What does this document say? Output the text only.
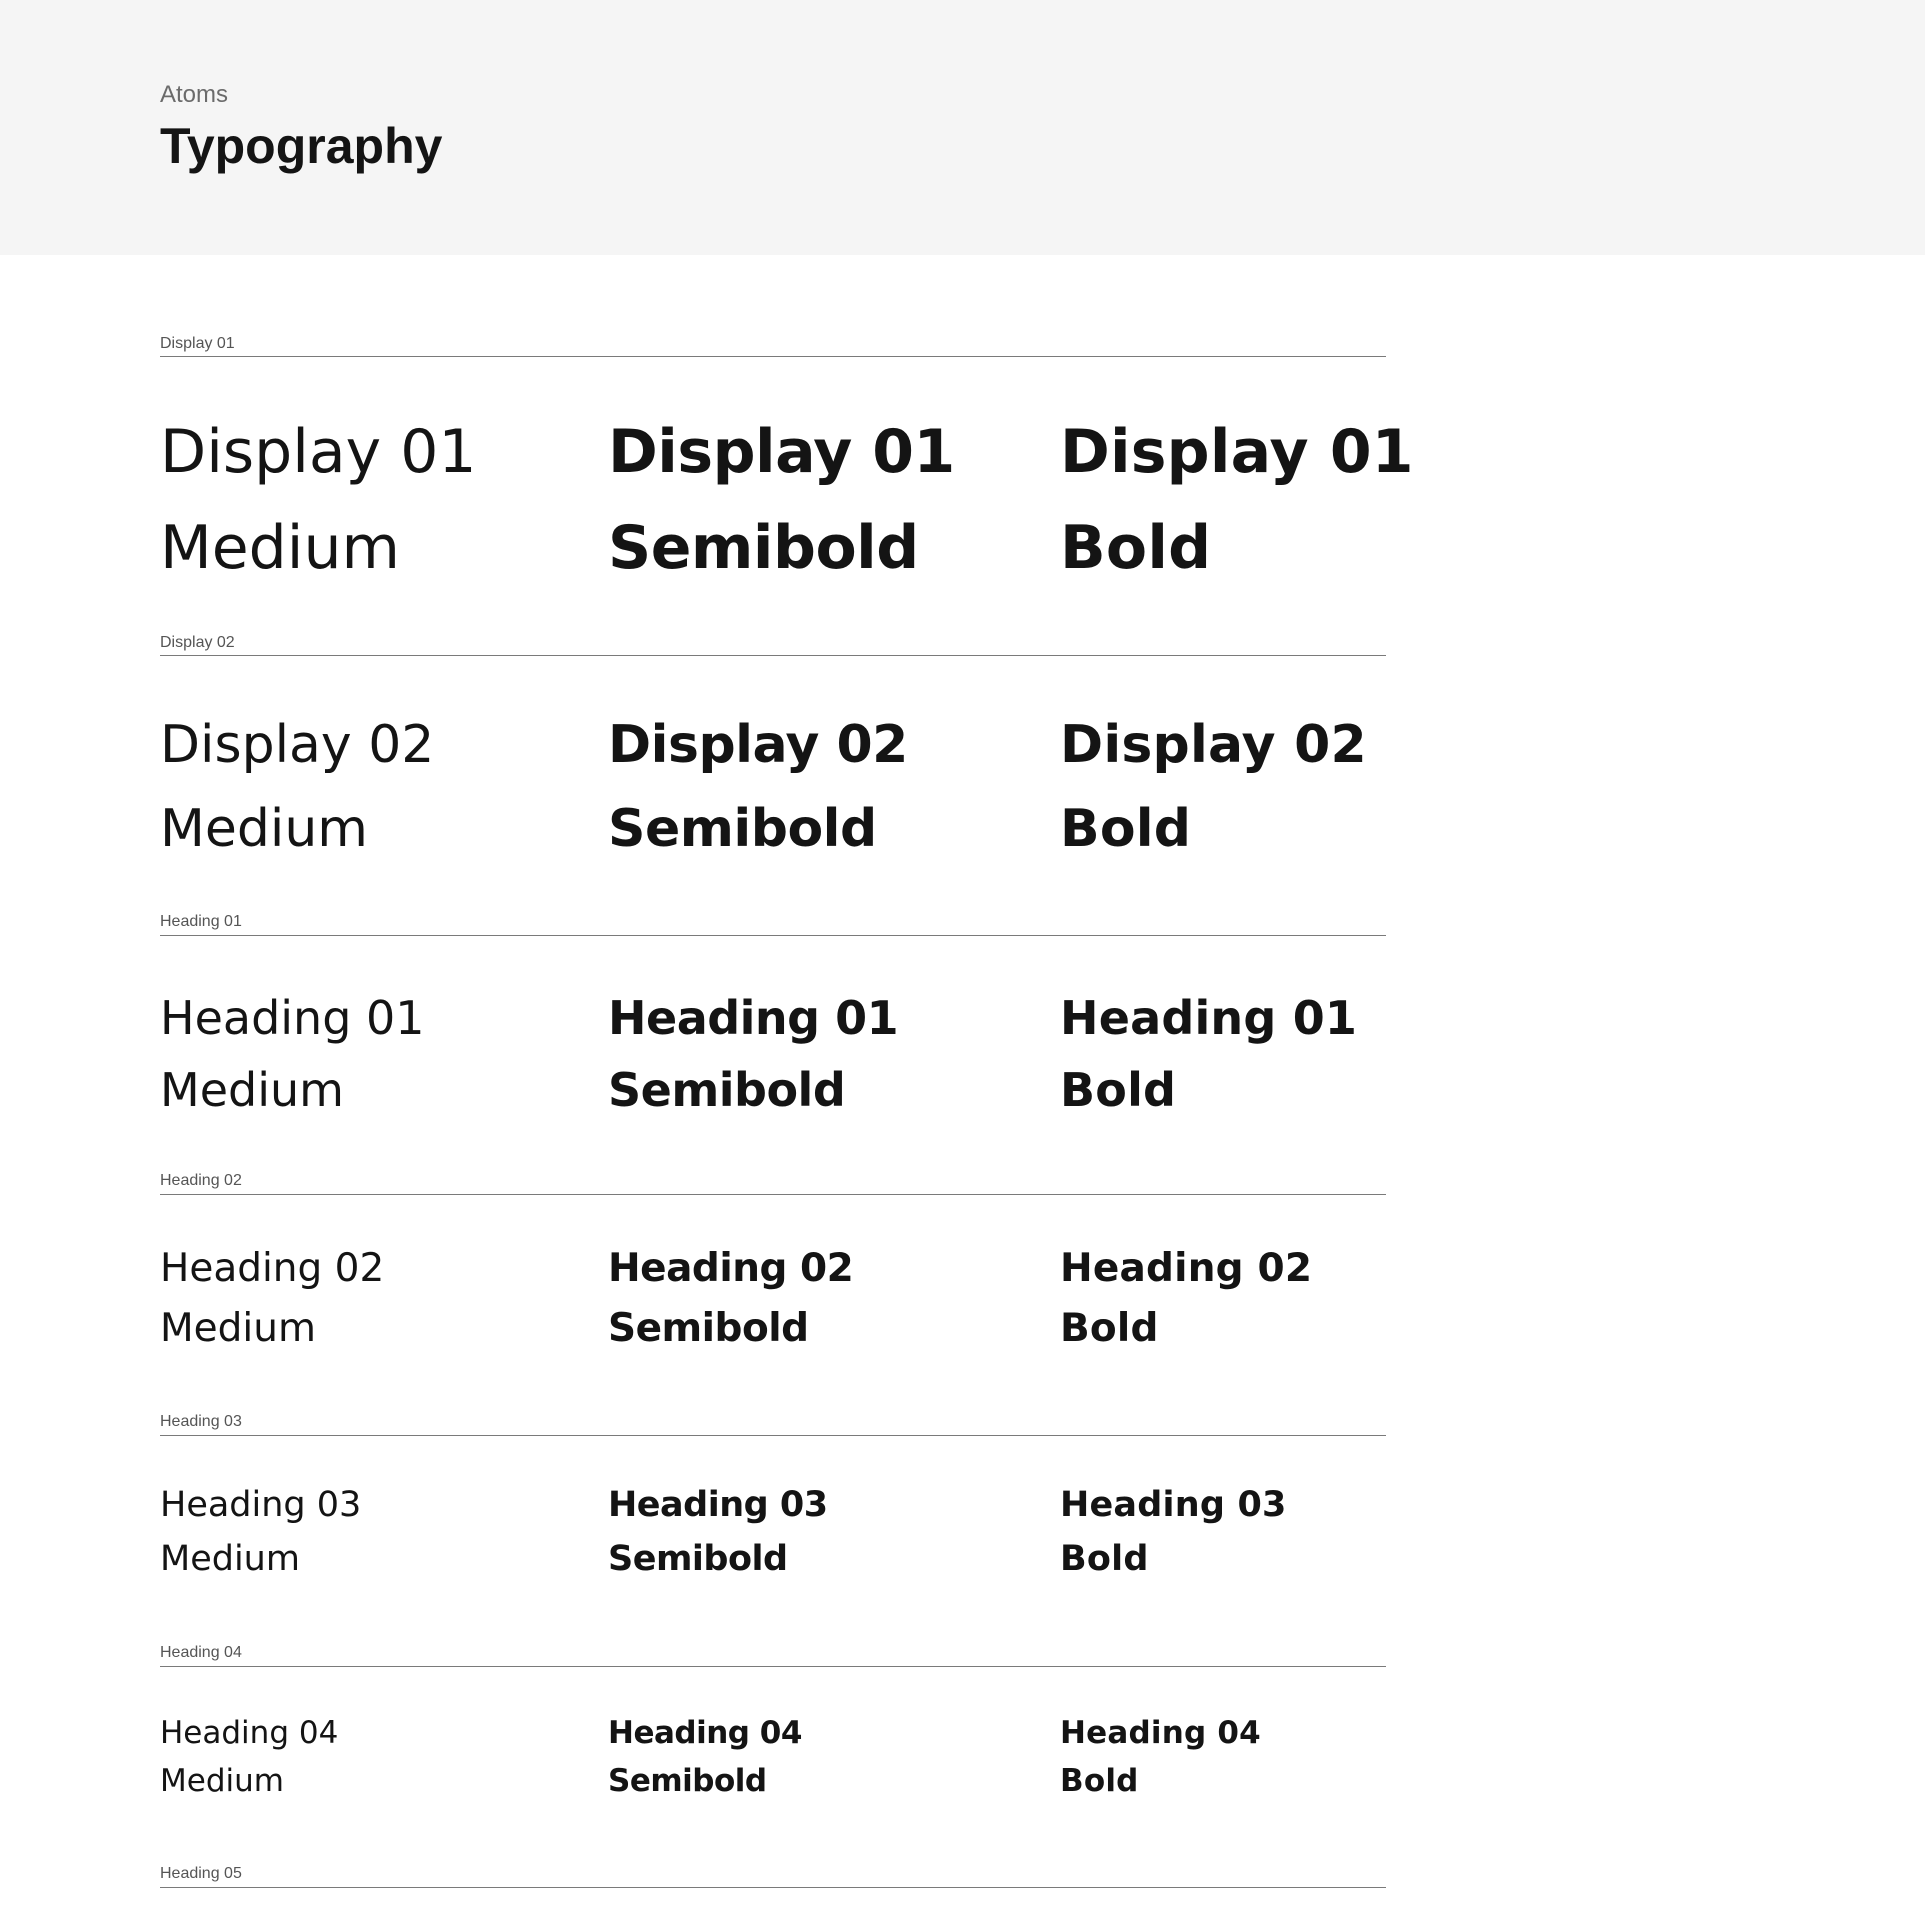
Atoms
Typography
Display 01
Display 01
Medium
Display 01
Semibold
Display 01
Bold
Display 02
Display 02
Medium
Display 02
Semibold
Display 02
Bold
Heading 01
Heading 01
Medium
Heading 01
Semibold
Heading 01
Bold
Heading 02
Heading 02
Medium
Heading 02
Semibold
Heading 02
Bold
Heading 03
Heading 03
Medium
Heading 03
Semibold
Heading 03
Bold
Heading 04
Heading 04
Medium
Heading 04
Semibold
Heading 04
Bold
Heading 05
